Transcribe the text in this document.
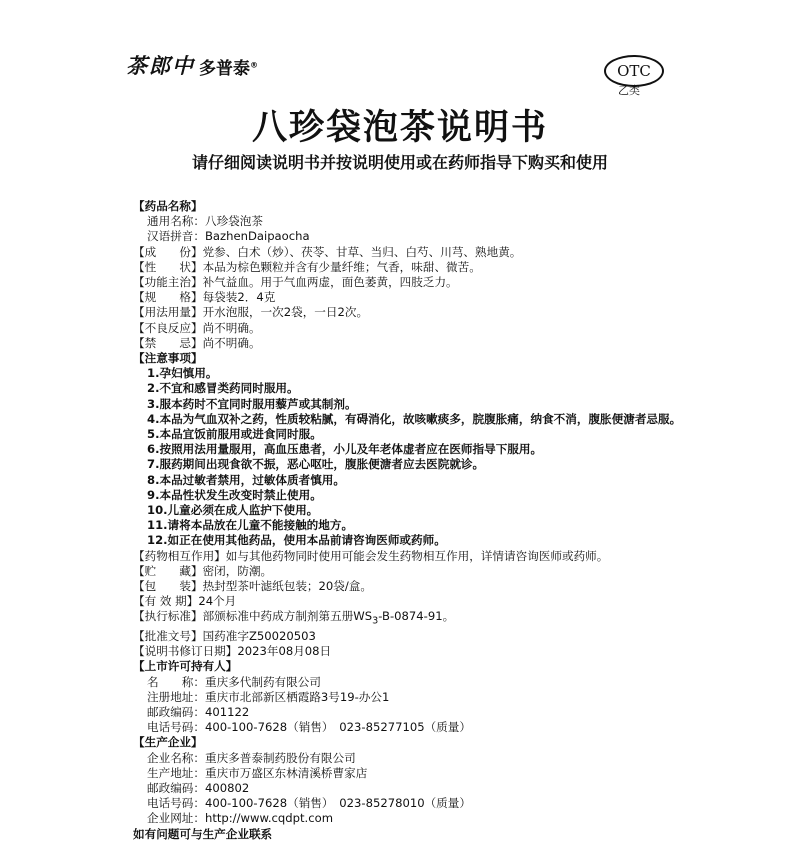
茶郎中 多普泰®	OTC
乙类
八珍袋泡茶说明书
请仔细阅读说明书并按说明使用或在药师指导下购买和使用
【药品名称】
通用名称：八珍袋泡茶
汉语拼音：BazhenDaipaocha
【成　　份】党参、白术（炒）、茯苓、甘草、当归、白芍、川芎、熟地黄。
【性　　状】本品为棕色颗粒并含有少量纤维；气香，味甜、微苦。
【功能主治】补气益血。用于气血两虚，面色萎黄，四肢乏力。
【规　　格】每袋装2．4克
【用法用量】开水泡服，一次2袋，一日2次。
【不良反应】尚不明确。
【禁　　忌】尚不明确。
【注意事项】
1.孕妇慎用。
2.不宜和感冒类药同时服用。
3.服本药时不宜同时服用藜芦或其制剂。
4.本品为气血双补之药，性质较粘腻，有碍消化，故咳嗽痰多，脘腹胀痛，纳食不消，腹胀便溏者忌服。
5.本品宜饭前服用或进食同时服。
6.按照用法用量服用，高血压患者，小儿及年老体虚者应在医师指导下服用。
7.服药期间出现食欲不振，恶心呕吐，腹胀便溏者应去医院就诊。
8.本品过敏者禁用，过敏体质者慎用。
9.本品性状发生改变时禁止使用。
10.儿童必须在成人监护下使用。
11.请将本品放在儿童不能接触的地方。
12.如正在使用其他药品，使用本品前请咨询医师或药师。
【药物相互作用】如与其他药物同时使用可能会发生药物相互作用，详情请咨询医师或药师。
【贮　　藏】密闭，防潮。
【包　　装】热封型茶叶滤纸包装；20袋/盒。
【有 效 期】24个月
【执行标准】部颁标准中药成方制剂第五册$WS_3-B-0874-91$。
【批准文号】国药准字Z50020503
【说明书修订日期】2023年08月08日
【上市许可持有人】
名　　称：重庆多代制药有限公司
注册地址：重庆市北部新区栖霞路3号19-办公1
邮政编码：401122
电话号码：400-100-7628（销售）　023-85277105（质量）
【生产企业】
企业名称：重庆多普泰制药股份有限公司
生产地址：重庆市万盛区东林清溪桥曹家店
邮政编码：400802
电话号码：400-100-7628（销售）　023-85278010（质量）
企业网址：http://www.cqdpt.com
如有问题可与生产企业联系
